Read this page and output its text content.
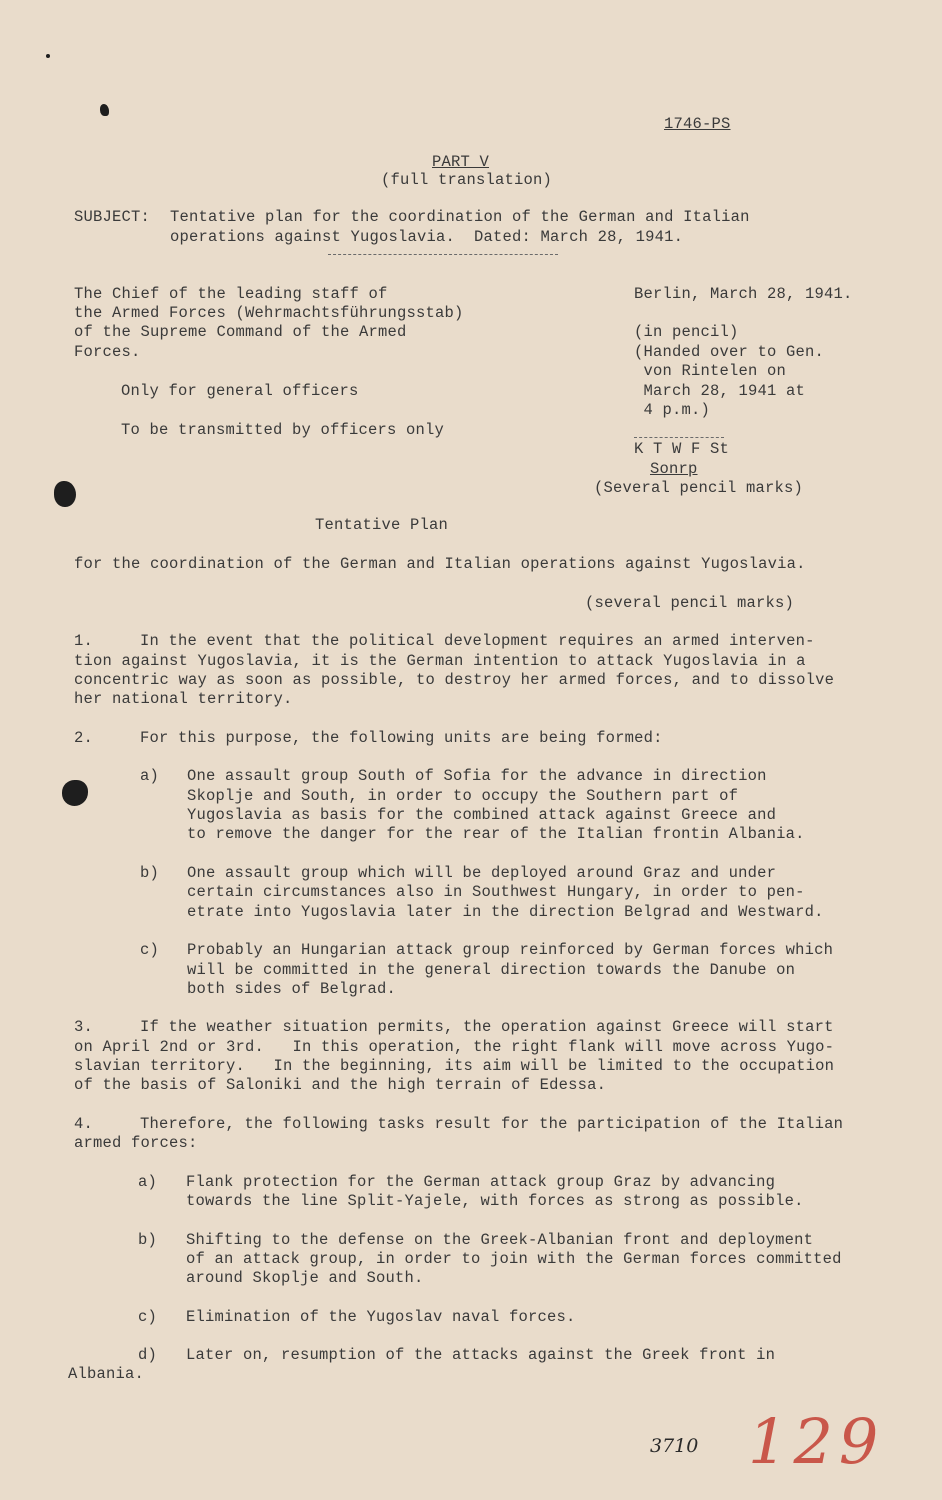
1746-PS
PART V
(full translation)
SUBJECT: Tentative plan for the coordination of the German and Italian
operations against Yugoslavia.  Dated: March 28, 1941.
The Chief of the leading staff of
the Armed Forces (Wehrmachtsführungsstab)
of the Supreme Command of the Armed
Forces.
Only for general officers
To be transmitted by officers only
Berlin, March 28, 1941.
(in pencil)
(Handed over to Gen.
von Rintelen on
March 28, 1941 at
4 p.m.)
K T W F St
Sonrp
(Several pencil marks)
Tentative Plan
for the coordination of the German and Italian operations against Yugoslavia.
(several pencil marks)
1.	In the event that the political development requires an armed interven-
tion against Yugoslavia, it is the German intention to attack Yugoslavia in a
concentric way as soon as possible, to destroy her armed forces, and to dissolve
her national territory.
2.	For this purpose, the following units are being formed:
a) One assault group South of Sofia for the advance in direction
Skoplje and South, in order to occupy the Southern part of
Yugoslavia as basis for the combined attack against Greece and
to remove the danger for the rear of the Italian frontin Albania.
b) One assault group which will be deployed around Graz and under
certain circumstances also in Southwest Hungary, in order to pen-
etrate into Yugoslavia later in the direction Belgrad and Westward.
c) Probably an Hungarian attack group reinforced by German forces which
will be committed in the general direction towards the Danube on
both sides of Belgrad.
3.	If the weather situation permits, the operation against Greece will start
on April 2nd or 3rd.   In this operation, the right flank will move across Yugo-
slavian territory.   In the beginning, its aim will be limited to the occupation
of the basis of Saloniki and the high terrain of Edessa.
4.	Therefore, the following tasks result for the participation of the Italian
armed forces:
a) Flank protection for the German attack group Graz by advancing
towards the line Split-Yajele, with forces as strong as possible.
b) Shifting to the defense on the Greek-Albanian front and deployment
of an attack group, in order to join with the German forces committed
around Skoplje and South.
c) Elimination of the Yugoslav naval forces.
d) Later on, resumption of the attacks against the Greek front in
Albania.
3710 129
